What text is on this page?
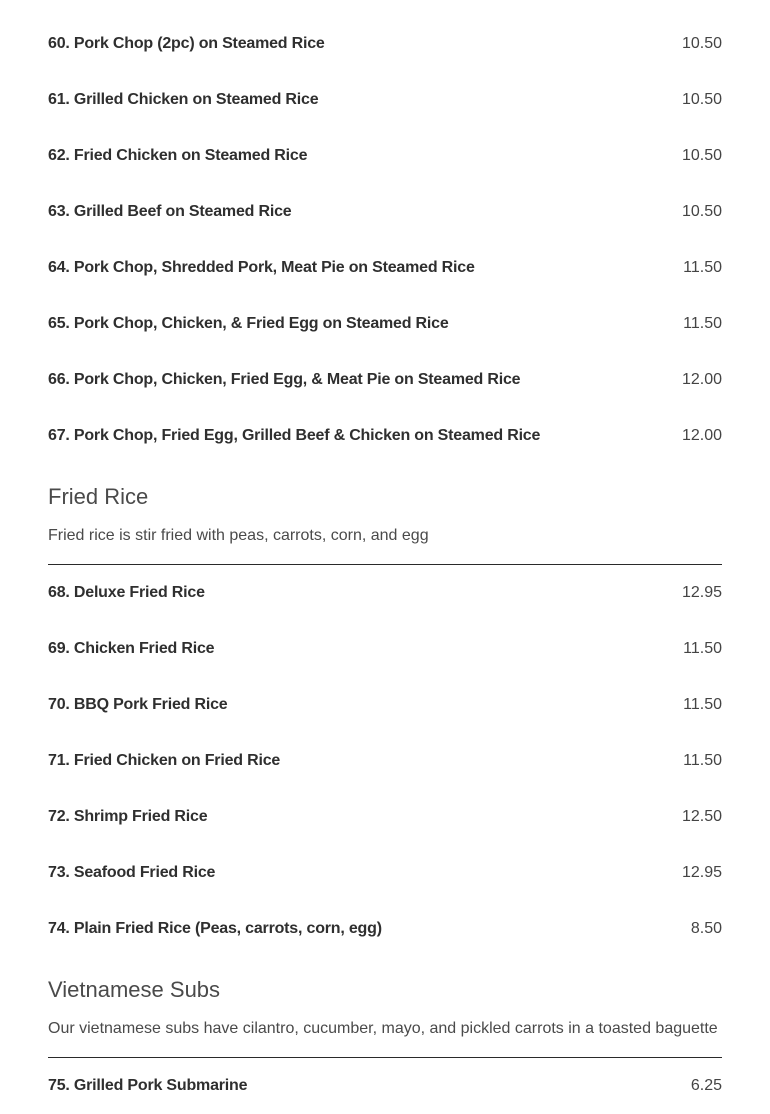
60. Pork Chop (2pc) on Steamed Rice	10.50
61. Grilled Chicken on Steamed Rice	10.50
62. Fried Chicken on Steamed Rice	10.50
63. Grilled Beef on Steamed Rice	10.50
64. Pork Chop, Shredded Pork, Meat Pie on Steamed Rice	11.50
65. Pork Chop, Chicken, & Fried Egg on Steamed Rice	11.50
66. Pork Chop, Chicken, Fried Egg, & Meat Pie on Steamed Rice	12.00
67. Pork Chop, Fried Egg, Grilled Beef & Chicken on Steamed Rice	12.00
Fried Rice

Fried rice is stir fried with peas, carrots, corn, and egg

68. Deluxe Fried Rice	12.95
69. Chicken Fried Rice	11.50
70. BBQ Pork Fried Rice	11.50
71. Fried Chicken on Fried Rice	11.50
72. Shrimp Fried Rice	12.50
73. Seafood Fried Rice	12.95
74. Plain Fried Rice (Peas, carrots, corn, egg)	8.50
Vietnamese Subs

Our vietnamese subs have cilantro, cucumber, mayo, and pickled carrots in a toasted baguette

75. Grilled Pork Submarine	6.25
